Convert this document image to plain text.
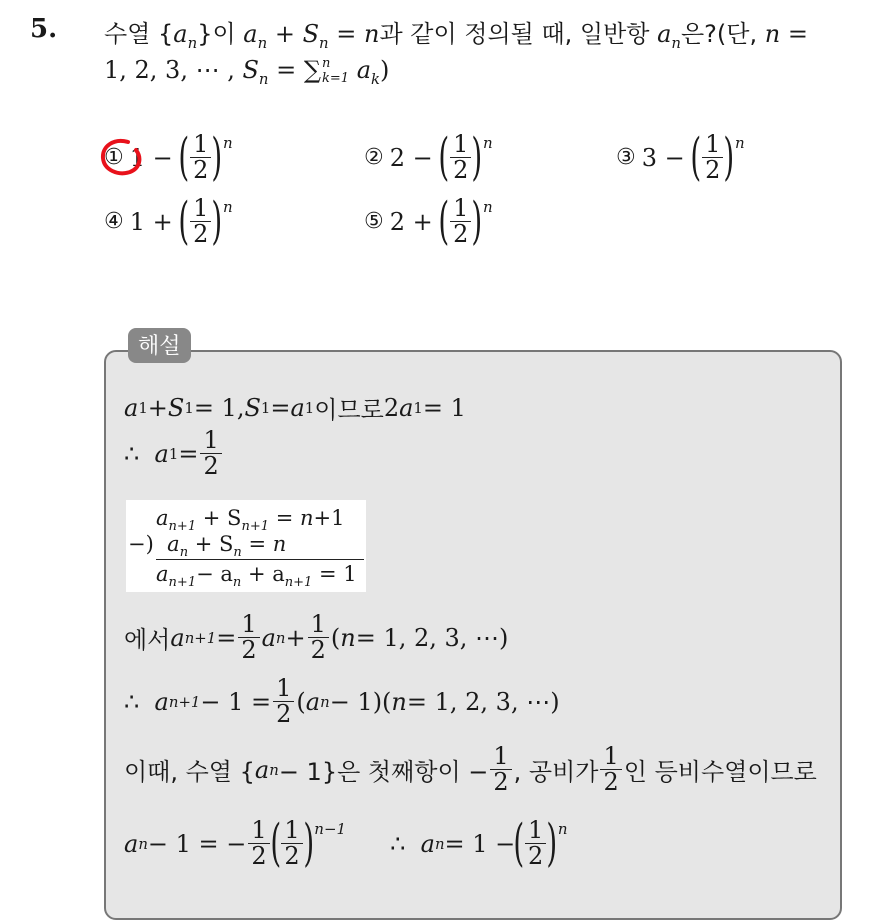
5. 수열 $\{a_n\}$이 $a_n + S_n = n$과 같이 정의될 때, 일반항 $a_n$은?(단, n =
1, 2, 3, ⋯ , $S_n$ = ∑ n
k=1 $a_k$)
① 1
−
( $\frac{1}{2}$ ) n
② 2
−
( $\frac{1}{2}$ ) n
③ 3
−
( $\frac{1}{2}$ ) n
④ 1
+
( $\frac{1}{2}$ ) n
⑤ 2
+
( $\frac{1}{2}$ ) n
해설
a 1 + S 1 = 1, S 1 = a 1 이므로 2 a 1 = 1
∴
a $1 = \frac{1}{2}$
$a_{n+1} + S_{n+1} = n+1$
−) $a_n + S_n = n$
$a_{n+1}- a_n + a_{n+1} = 1$
에서 a $n+1 = \frac{1}{2}$ a $n + \frac{1}{2}$ ( n = 1, 2, 3, ⋯)
∴
a $n+1 - 1 = \frac{1}{2}$ ( a n − 1)( n = 1, 2, 3, ⋯)
이때, 수열 { a n − 1}은 첫째항이 − $\frac{1}{2}$ , 공비가 $\frac{1}{2}$ 인 등비수열이므로
a n − 1 = − $\frac{1}{2}$ ( $\frac{1}{2}$ ) n−1
∴
a n = 1 −
( $\frac{1}{2}$ ) n
